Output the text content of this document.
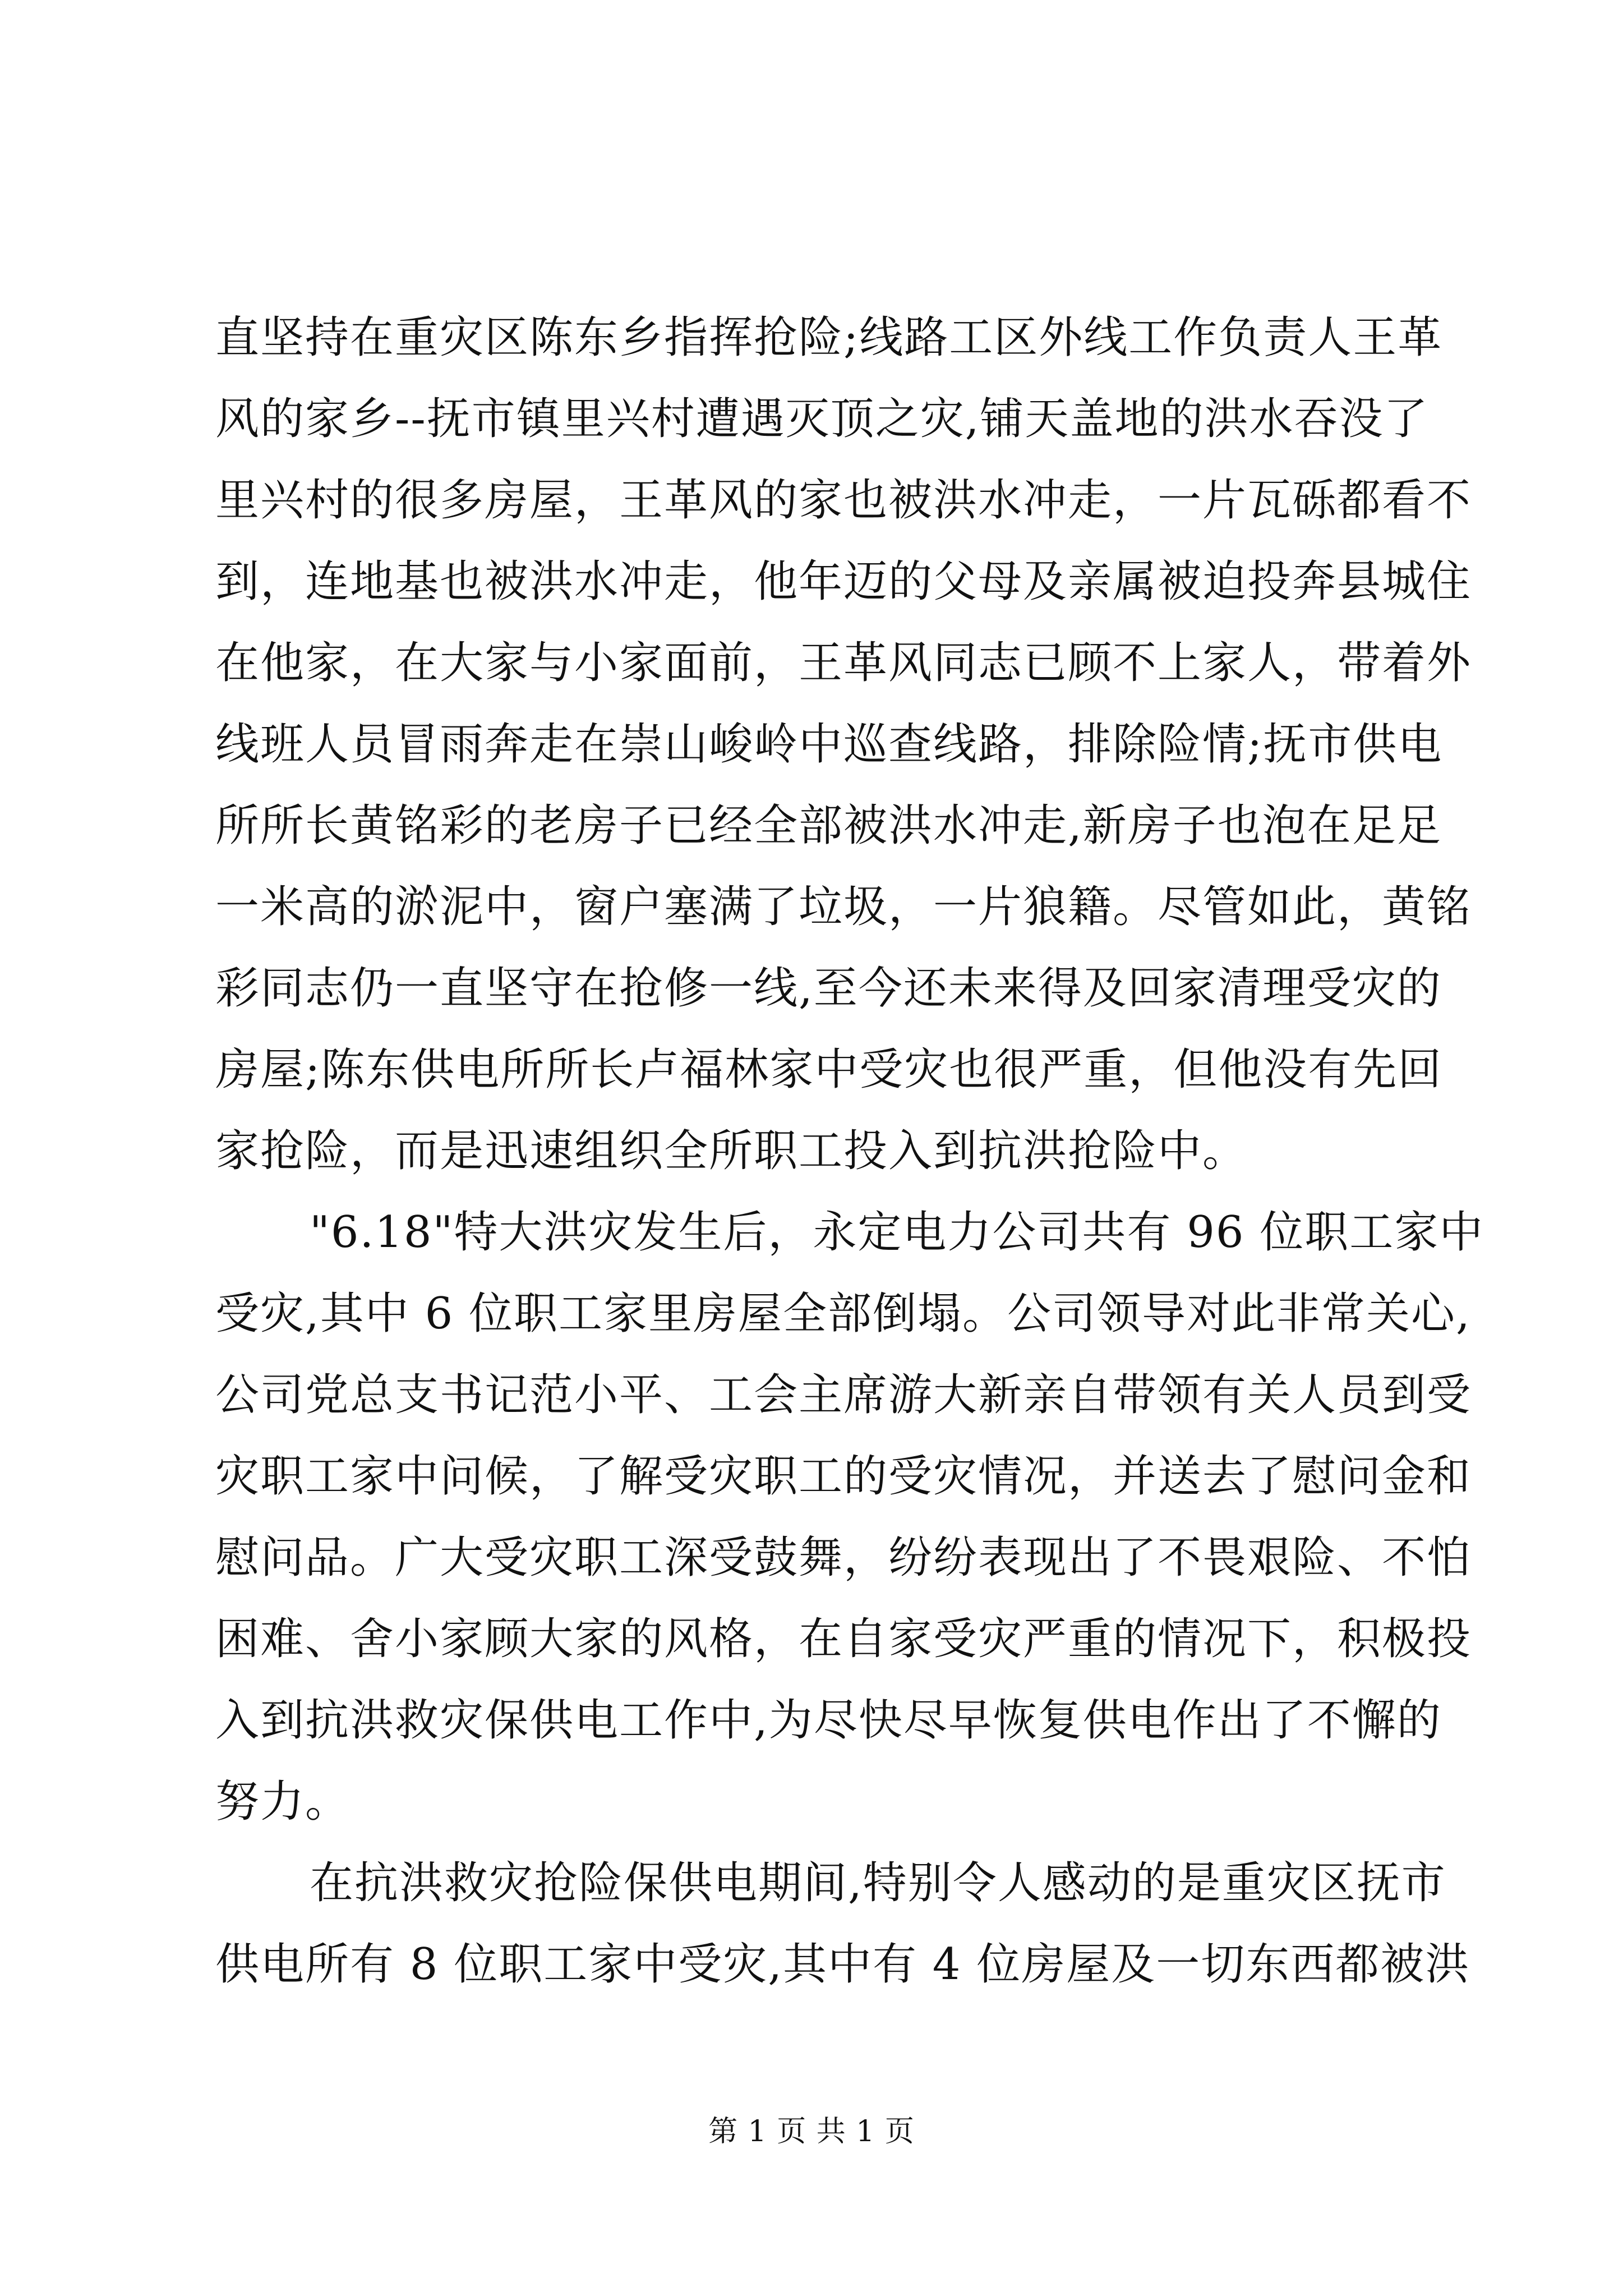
直坚持在重灾区陈东乡指挥抢险;线路工区外线工作负责人王革
风的家乡--抚市镇里兴村遭遇灭顶之灾,铺天盖地的洪水吞没了
里兴村的很多房屋，王革风的家也被洪水冲走，一片瓦砾都看不
到，连地基也被洪水冲走，他年迈的父母及亲属被迫投奔县城住
在他家，在大家与小家面前，王革风同志已顾不上家人，带着外
线班人员冒雨奔走在崇山峻岭中巡查线路，排除险情;抚市供电
所所长黄铭彩的老房子已经全部被洪水冲走,新房子也泡在足足
一米高的淤泥中，窗户塞满了垃圾，一片狼籍。尽管如此，黄铭
彩同志仍一直坚守在抢修一线,至今还未来得及回家清理受灾的
房屋;陈东供电所所长卢福林家中受灾也很严重，但他没有先回
家抢险，而是迅速组织全所职工投入到抗洪抢险中。
"6.18"特大洪灾发生后，永定电力公司共有 96 位职工家中
受灾,其中 6 位职工家里房屋全部倒塌。公司领导对此非常关心,
公司党总支书记范小平、工会主席游大新亲自带领有关人员到受
灾职工家中问候，了解受灾职工的受灾情况，并送去了慰问金和
慰问品。广大受灾职工深受鼓舞，纷纷表现出了不畏艰险、不怕
困难、舍小家顾大家的风格，在自家受灾严重的情况下，积极投
入到抗洪救灾保供电工作中,为尽快尽早恢复供电作出了不懈的
努力。
在抗洪救灾抢险保供电期间,特别令人感动的是重灾区抚市
供电所有 8 位职工家中受灾,其中有 4 位房屋及一切东西都被洪
第 1 页 共 1 页
